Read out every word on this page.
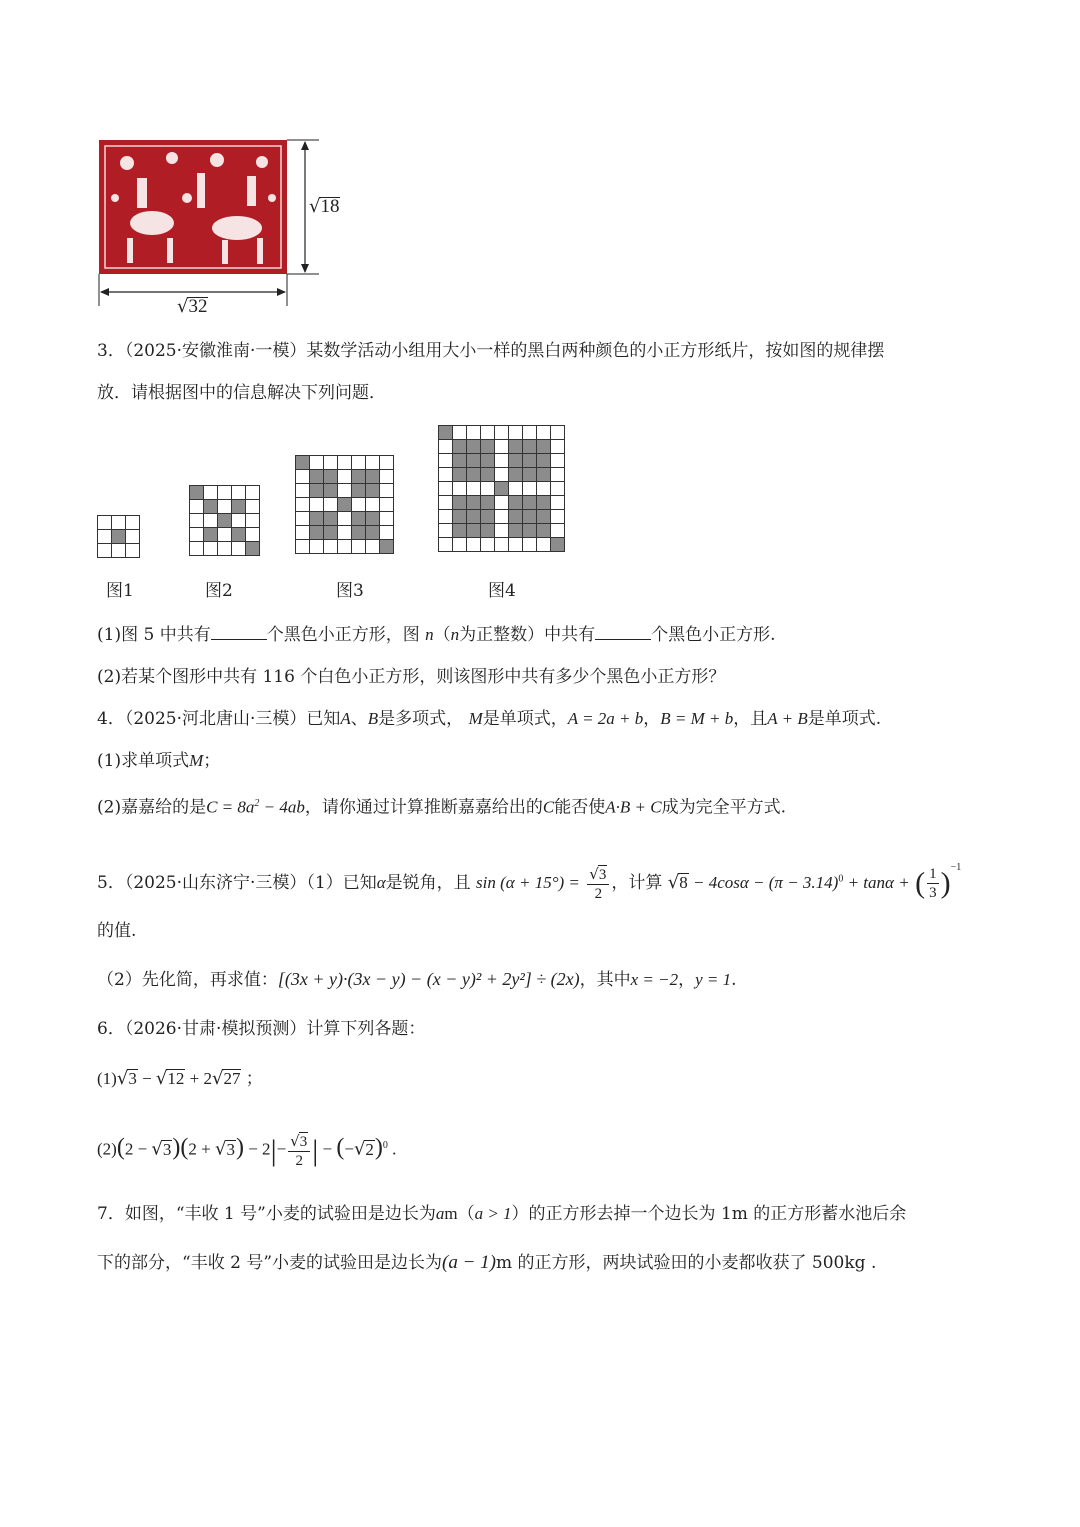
√18
√32
3．（2025·安徽淮南·一模）某数学活动小组用大小一样的黑白两种颜色的小正方形纸片，按如图的规律摆
放．请根据图中的信息解决下列问题．
图1	图2	图3	图4
(1)图 5 中共有	个黑色小正方形，图 n（n为正整数）中共有	个黑色小正方形.
(2)若某个图形中共有 116 个白色小正方形，则该图形中共有多少个黑色小正方形？
4．（2025·河北唐山·三模）已知A、B是多项式， M是单项式，A = 2a + b，B = M + b，且A + B是单项式.
(1)求单项式M；
(2)嘉嘉给的是$C = 8a^2 - 4ab$，请你通过计算推断嘉嘉给出的C能否使A·B + C成为完全平方式.
5．（2025·山东济宁·三模）（1）已知α是锐角，且 $\sin (\alpha + 15^\circ) = \frac{√3}{2}$ ，计算 $√8 - 4\cos\alpha - (\pi - 3.14)^0 + \tan\alpha$ + ( $\frac{1}{3} )^{-1}$
的值.
（2）先化简，再求值：[(3x + y)·(3x − y) − (x − y)² + 2y²] ÷ (2x)，其中x = −2，y = 1.
6．（2026·甘肃·模拟预测）计算下列各题：
(1)√3 − √12 + 2√27 ；
$(2)(2 - √3)(2 + √3) - 2|- \frac{√3}{2}$ | − $(-√2)^0$ .
7．如图，“丰收 1 号”小麦的试验田是边长为am（a > 1）的正方形去掉一个边长为 1m 的正方形蓄水池后余
下的部分，“丰收 2 号”小麦的试验田是边长为(a − 1)m 的正方形，两块试验田的小麦都收获了 500kg .
